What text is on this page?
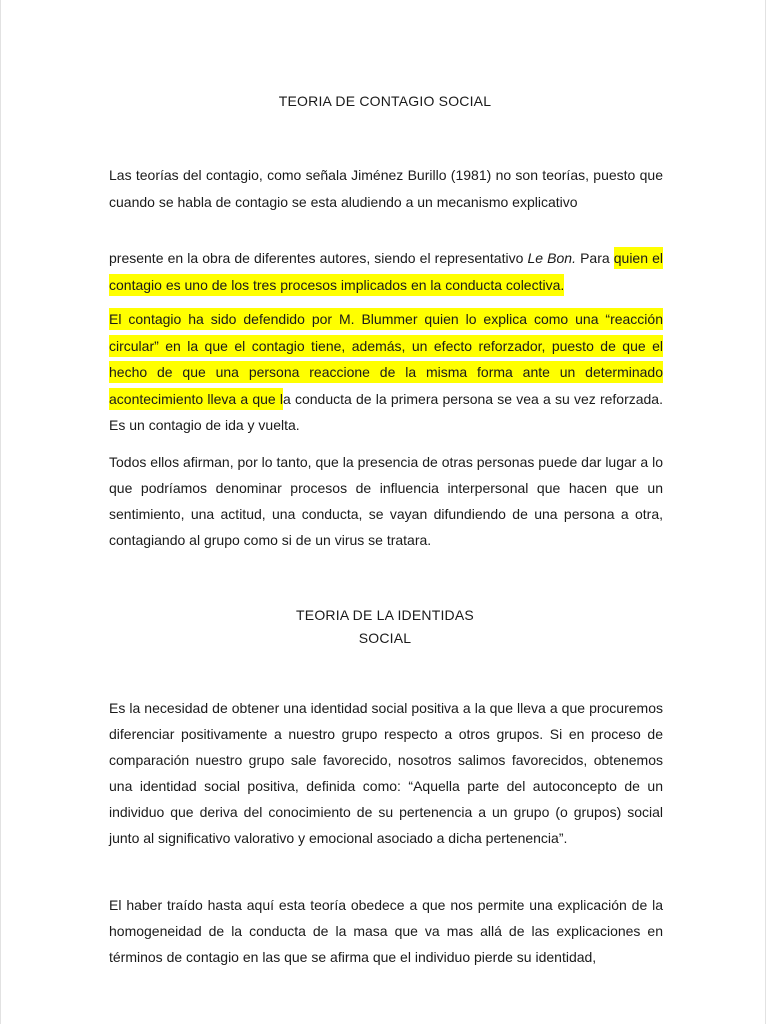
TEORIA DE CONTAGIO SOCIAL

Las teorías del contagio, como señala Jiménez Burillo (1981) no son teorías, puesto que cuando se habla de contagio se esta aludiendo a un mecanismo explicativo

presente en la obra de diferentes autores, siendo el representativo Le Bon. Para quien el contagio es uno de los tres procesos implicados en la conducta colectiva.

El contagio ha sido defendido por M. Blummer quien lo explica como una “reacción circular” en la que el contagio tiene, además, un efecto reforzador, puesto de que el hecho de que una persona reaccione de la misma forma ante un determinado acontecimiento lleva a que la conducta de la primera persona se vea a su vez reforzada. Es un contagio de ida y vuelta.

Todos ellos afirman, por lo tanto, que la presencia de otras personas puede dar lugar a lo que podríamos denominar procesos de influencia interpersonal que hacen que un sentimiento, una actitud, una conducta, se vayan difundiendo de una persona a otra, contagiando al grupo como si de un virus se tratara.

TEORIA DE LA IDENTIDAS
SOCIAL

Es la necesidad de obtener una identidad social positiva a la que lleva a que procuremos diferenciar positivamente a nuestro grupo respecto a otros grupos. Si en proceso de comparación nuestro grupo sale favorecido, nosotros salimos favorecidos, obtenemos una identidad social positiva, definida como: “Aquella parte del autoconcepto de un individuo que deriva del conocimiento de su pertenencia a un grupo (o grupos) social junto al significativo valorativo y emocional asociado a dicha pertenencia”.

El haber traído hasta aquí esta teoría obedece a que nos permite una explicación de la homogeneidad de la conducta de la masa que va mas allá de las explicaciones en términos de contagio en las que se afirma que el individuo pierde su identidad,
